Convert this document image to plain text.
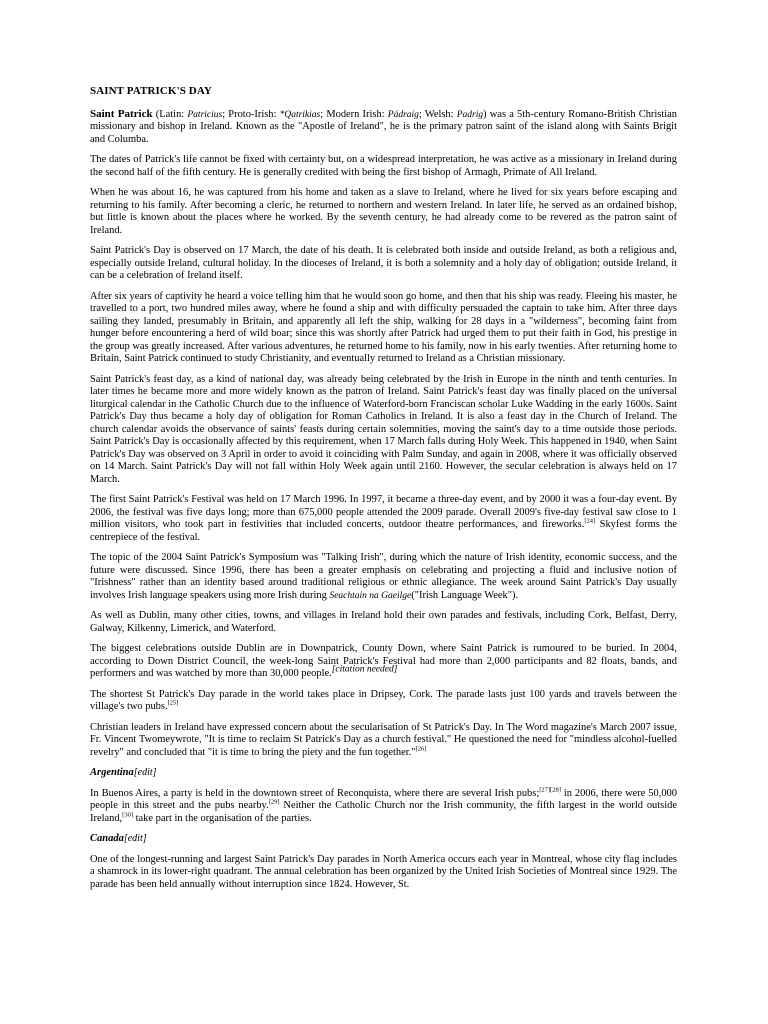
SAINT PATRICK'S DAY

Saint Patrick (Latin: Patricius; Proto-Irish: *Qatrikias; Modern Irish: Pádraig; Welsh: Padrig) was a 5th-century Romano-British Christian missionary and bishop in Ireland. Known as the "Apostle of Ireland", he is the primary patron saint of the island along with Saints Brigit and Columba.

The dates of Patrick's life cannot be fixed with certainty but, on a widespread interpretation, he was active as a missionary in Ireland during the second half of the fifth century. He is generally credited with being the first bishop of Armagh, Primate of All Ireland.

When he was about 16, he was captured from his home and taken as a slave to Ireland, where he lived for six years before escaping and returning to his family. After becoming a cleric, he returned to northern and western Ireland. In later life, he served as an ordained bishop, but little is known about the places where he worked. By the seventh century, he had already come to be revered as the patron saint of Ireland.

Saint Patrick's Day is observed on 17 March, the date of his death. It is celebrated both inside and outside Ireland, as both a religious and, especially outside Ireland, cultural holiday. In the dioceses of Ireland, it is both a solemnity and a holy day of obligation; outside Ireland, it can be a celebration of Ireland itself.

After six years of captivity he heard a voice telling him that he would soon go home, and then that his ship was ready. Fleeing his master, he travelled to a port, two hundred miles away, where he found a ship and with difficulty persuaded the captain to take him. After three days sailing they landed, presumably in Britain, and apparently all left the ship, walking for 28 days in a "wilderness", becoming faint from hunger before encountering a herd of wild boar; since this was shortly after Patrick had urged them to put their faith in God, his prestige in the group was greatly increased. After various adventures, he returned home to his family, now in his early twenties. After returning home to Britain, Saint Patrick continued to study Christianity, and eventually returned to Ireland as a Christian missionary.

Saint Patrick's feast day, as a kind of national day, was already being celebrated by the Irish in Europe in the ninth and tenth centuries. In later times he became more and more widely known as the patron of Ireland. Saint Patrick's feast day was finally placed on the universal liturgical calendar in the Catholic Church due to the influence of Waterford-born Franciscan scholar Luke Wadding in the early 1600s. Saint Patrick's Day thus became a holy day of obligation for Roman Catholics in Ireland. It is also a feast day in the Church of Ireland. The church calendar avoids the observance of saints' feasts during certain solemnities, moving the saint's day to a time outside those periods. Saint Patrick's Day is occasionally affected by this requirement, when 17 March falls during Holy Week. This happened in 1940, when Saint Patrick's Day was observed on 3 April in order to avoid it coinciding with Palm Sunday, and again in 2008, where it was officially observed on 14 March. Saint Patrick's Day will not fall within Holy Week again until 2160. However, the secular celebration is always held on 17 March.

The first Saint Patrick's Festival was held on 17 March 1996. In 1997, it became a three-day event, and by 2000 it was a four-day event. By 2006, the festival was five days long; more than 675,000 people attended the 2009 parade. Overall 2009's five-day festival saw close to 1 million visitors, who took part in festivities that included concerts, outdoor theatre performances, and fireworks.[24] Skyfest forms the centrepiece of the festival.

The topic of the 2004 Saint Patrick's Symposium was "Talking Irish", during which the nature of Irish identity, economic success, and the future were discussed. Since 1996, there has been a greater emphasis on celebrating and projecting a fluid and inclusive notion of "Irishness" rather than an identity based around traditional religious or ethnic allegiance. The week around Saint Patrick's Day usually involves Irish language speakers using more Irish during Seachtain na Gaeilge("Irish Language Week").

As well as Dublin, many other cities, towns, and villages in Ireland hold their own parades and festivals, including Cork, Belfast, Derry, Galway, Kilkenny, Limerick, and Waterford.

The biggest celebrations outside Dublin are in Downpatrick, County Down, where Saint Patrick is rumoured to be buried. In 2004, according to Down District Council, the week-long Saint Patrick's Festival had more than 2,000 participants and 82 floats, bands, and performers and was watched by more than 30,000 people.[citation needed]

The shortest St Patrick's Day parade in the world takes place in Dripsey, Cork. The parade lasts just 100 yards and travels between the village's two pubs.[25]

Christian leaders in Ireland have expressed concern about the secularisation of St Patrick's Day. In The Word magazine's March 2007 issue, Fr. Vincent Twomeywrote, "It is time to reclaim St Patrick's Day as a church festival." He questioned the need for "mindless alcohol-fuelled revelry" and concluded that "it is time to bring the piety and the fun together."[26]

Argentina[edit]

In Buenos Aires, a party is held in the downtown street of Reconquista, where there are several Irish pubs;[27][28] in 2006, there were 50,000 people in this street and the pubs nearby.[29] Neither the Catholic Church nor the Irish community, the fifth largest in the world outside Ireland,[30] take part in the organisation of the parties.

Canada[edit]

One of the longest-running and largest Saint Patrick's Day parades in North America occurs each year in Montreal, whose city flag includes a shamrock in its lower-right quadrant. The annual celebration has been organized by the United Irish Societies of Montreal since 1929. The parade has been held annually without interruption since 1824. However, St.
